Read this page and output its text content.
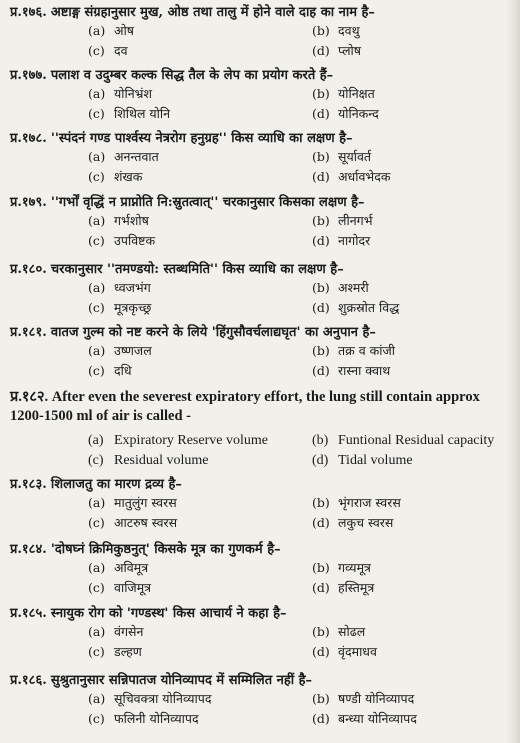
प्र.१७६. अष्टाङ्ग संग्रहानुसार मुख, ओष्ठ तथा तालु में होने वाले दाह का नाम है–
(a) ओष	(b) दवथु
(c) दव	(d) प्लोष
प्र.१७७. पलाश व उदुम्बर कल्क सिद्ध तैल के लेप का प्रयोग करते हैं–
(a) योनिभ्रंश	(b) योनिक्षत
(c) शिथिल योनि	(d) योनिकन्द
प्र.१७८. ''स्पंदनं गण्ड पार्श्वस्य नेत्ररोग हनुग्रह'' किस व्याधि का लक्षण है–
(a) अनन्तवात	(b) सूर्यावर्त
(c) शंखक	(d) अर्धावभेदक
प्र.१७९. ''गर्भों वृद्धिं न प्राप्नोति नि:स्रुतत्वात्'' चरकानुसार किसका लक्षण है–
(a) गर्भशोष	(b) लीनगर्भ
(c) उपविष्टक	(d) नागोदर
प्र.१८०. चरकानुसार ''तमण्डयो: स्तब्धमिति'' किस व्याधि का लक्षण है–
(a) ध्वजभंग	(b) अश्मरी
(c) मूत्रकृच्छ्र	(d) शुक्रस्रोत विद्ध
प्र.१८१. वातज गुल्म को नष्ट करने के लिये 'हिंगुसौवर्चलाद्यघृत' का अनुपान है–
(a) उष्णजल	(b) तक्र व कांजी
(c) दधि	(d) रास्ना क्वाथ
प्र.१८२. After even the severest expiratory effort, the lung still contain approx 1200-1500 ml of air is called -
(a) Expiratory Reserve volume	(b) Funtional Residual capacity
(c) Residual volume	(d) Tidal volume
प्र.१८३. शिलाजतु का मारण द्रव्य है–
(a) मातुलुंग स्वरस	(b) भृंगराज स्वरस
(c) आटरुष स्वरस	(d) लकुच स्वरस
प्र.१८४. 'दोषघ्नं क्रिमिकुष्ठनुत्' किसके मूत्र का गुणकर्म है–
(a) अविमूत्र	(b) गव्यमूत्र
(c) वाजिमूत्र	(d) हस्तिमूत्र
प्र.१८५. स्नायुक रोग को 'गण्डस्थ' किस आचार्य ने कहा है–
(a) वंगसेन	(b) सोढल
(c) डल्हण	(d) वृंदमाधव
प्र.१८६. सुश्रुतानुसार सन्निपातज योनिव्यापद में सम्मिलित नहीं है–
(a) सूचिवक्त्रा योनिव्यापद	(b) षण्डी योनिव्यापद
(c) फलिनी योनिव्यापद	(d) बन्ध्या योनिव्यापद
